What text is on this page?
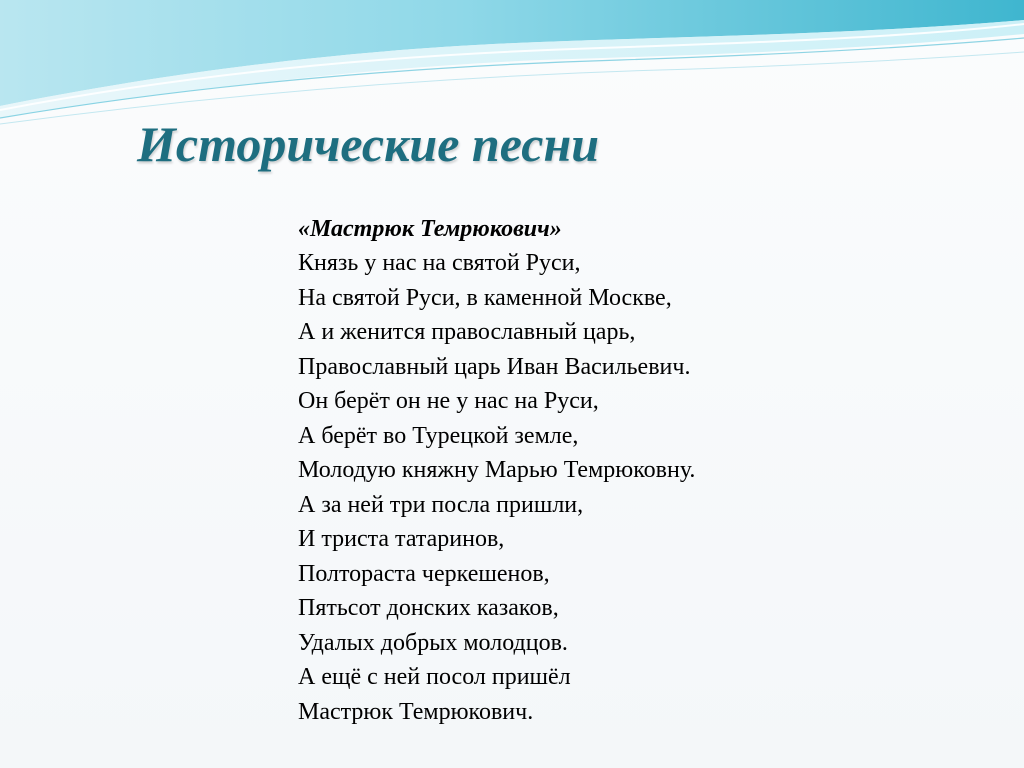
Исторические песни

«Мастрюк Темрюкович»

Князь у нас на святой Руси,
На святой Руси, в каменной Москве,
А и женится православный царь,
Православный царь Иван Васильевич.
Он берёт он не у нас на Руси,
А берёт во Турецкой земле,
Молодую княжну Марью Темрюковну.
А за ней три посла пришли,
И триста татаринов,
Полтораста черкешенов,
Пятьсот донских казаков,
Удалых добрых молодцов.
А ещё с ней посол пришёл
Мастрюк Темрюкович.
